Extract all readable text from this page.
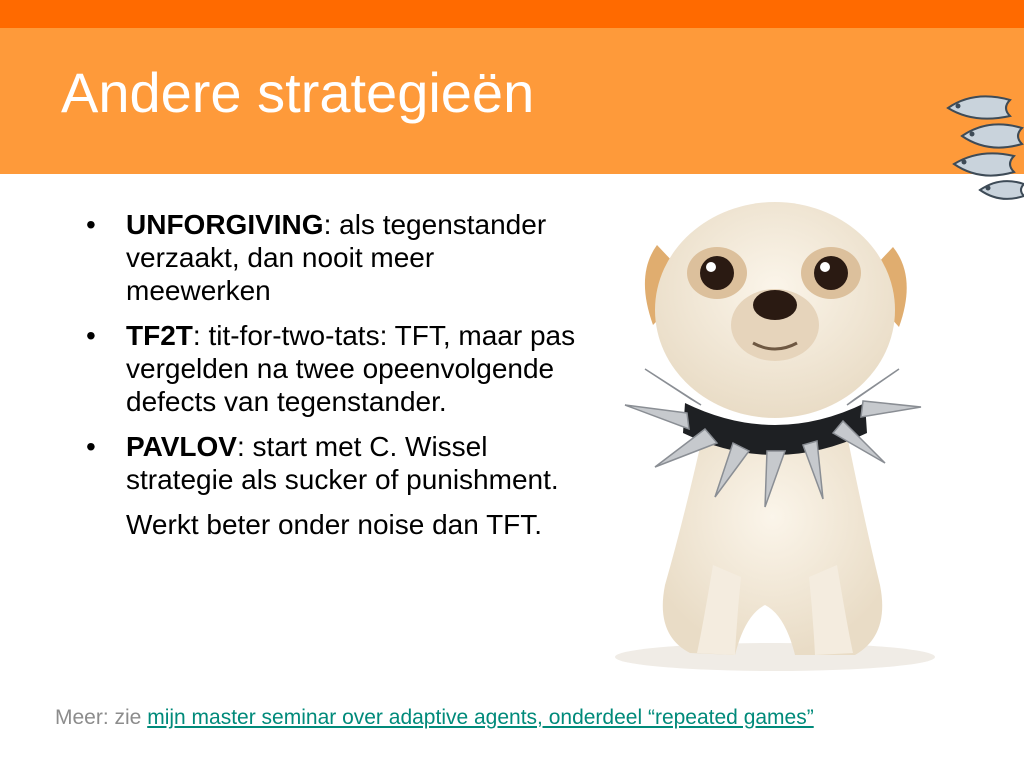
Andere strategieën
• UNFORGIVING: als tegenstander verzaakt, dan nooit meer meewerken
• TF2T: tit-for-two-tats: TFT, maar pas vergelden na twee opeenvolgende defects van tegenstander.
• PAVLOV: start met C. Wissel strategie als sucker of punishment.
Werkt beter onder noise dan TFT.

Meer: zie mijn master seminar over adaptive agents, onderdeel “repeated games”
